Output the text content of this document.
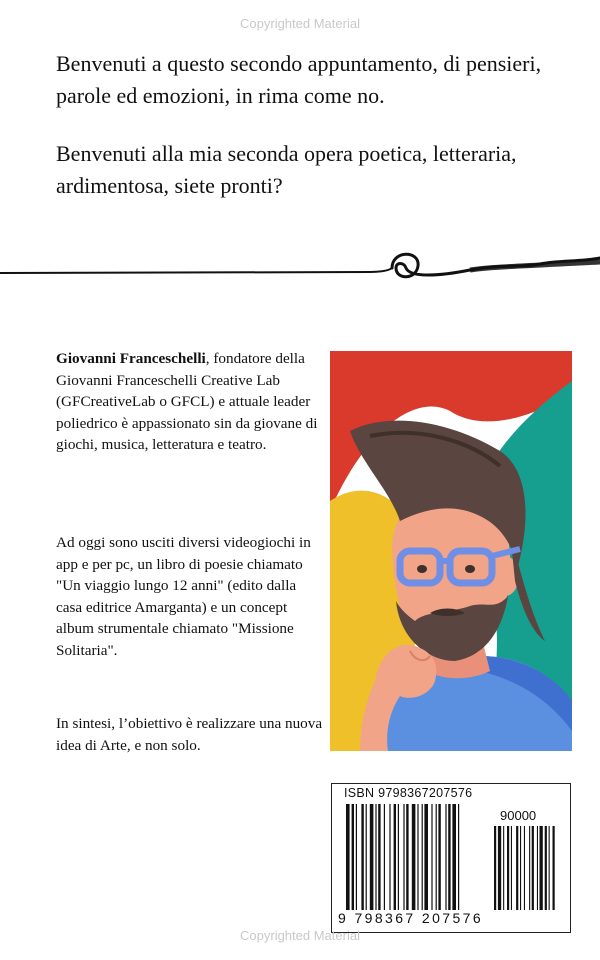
Copyrighted Material

Benvenuti a questo secondo appuntamento, di pensieri, parole ed emozioni, in rima come no.

Benvenuti alla mia seconda opera poetica, letteraria, ardimentosa, siete pronti?

Giovanni Franceschelli, fondatore della Giovanni Franceschelli Creative Lab (GFCreativeLab o GFCL) e attuale leader poliedrico è appassionato sin da giovane di giochi, musica, letteratura e teatro.

Ad oggi sono usciti diversi videogiochi in app e per pc, un libro di poesie chiamato "Un viaggio lungo 12 anni" (edito dalla casa editrice Amarganta) e un concept album strumentale chiamato "Missione Solitaria".

In sintesi, l’obiettivo è realizzare una nuova idea di Arte, e non solo.

ISBN 9798367207576
90000
9 798367 207576
Copyrighted Material
